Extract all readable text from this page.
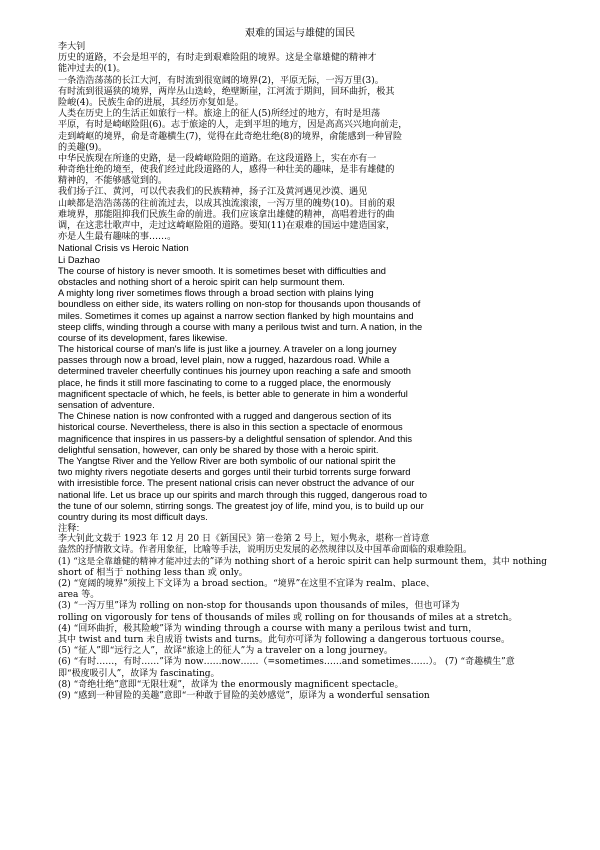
艰难的国运与雄健的国民
李大钊
历史的道路，不会是坦平的，有时走到艰难险阻的境界。这是全靠雄健的精神才
能冲过去的(1)。
一条浩浩荡荡的长江大河，有时流到很宽阔的境界(2)，平原无际，一泻万里(3)。
有时流到很逼狭的境界，两岸丛山迭岭，绝壁断崖，江河流于期间，回环曲折，极其
险峻(4)。民族生命的进展，其经历亦复如是。
人类在历史上的生活正如旅行一样。旅途上的征人(5)所经过的地方，有时是坦荡
平原，有时是崎岖险阻(6)。志于旅途的人，走到平坦的地方，因是高高兴兴地向前走，
走到崎岖的境界，俞是奇趣横生(7)，觉得在此奇绝壮绝(8)的境界，俞能感到一种冒险
的美趣(9)。
中华民族现在所逢的史路，是一段崎岖险阻的道路。在这段道路上，实在亦有一
种奇绝壮绝的境至，使我们经过此段道路的人，感得一种壮美的趣味，是非有雄健的
精神的，不能够感觉到的。
我们扬子江、黄河，可以代表我们的民族精神，扬子江及黄河遇见沙漠、遇见
山峡都是浩浩荡荡的往前流过去，以成其浊流滚滚，一泻万里的魄势(10)。目前的艰
难境界，那能阻抑我们民族生命的前进。我们应该拿出雄健的精神，高唱着进行的曲
调，在这悲壮歌声中，走过这崎岖险阻的道路。要知(11)在艰难的国运中建造国家，
亦是人生最有趣味的事……。
National Crisis vs Heroic Nation
Li Dazhao
The course of history is never smooth. It is sometimes beset with difficulties and
obstacles and nothing short of a heroic spirit can help surmount them.
A mighty long river sometimes flows through a broad section with plains lying
boundless on either side, its waters rolling on non-stop for thousands upon thousands of
miles. Sometimes it comes up against a narrow section flanked by high mountains and
steep cliffs, winding through a course with many a perilous twist and turn. A nation, in the
course of its development, fares likewise.
The historical course of man's life is just like a journey. A traveler on a long journey
passes through now a broad, level plain, now a rugged, hazardous road. While a
determined traveler cheerfully continues his journey upon reaching a safe and smooth
place, he finds it still more fascinating to come to a rugged place, the enormously
magnificent spectacle of which, he feels, is better able to generate in him a wonderful
sensation of adventure.
The Chinese nation is now confronted with a rugged and dangerous section of its
historical course. Nevertheless, there is also in this section a spectacle of enormous
magnificence that inspires in us passers-by a delightful sensation of splendor. And this
delightful sensation, however, can only be shared by those with a heroic spirit.
The Yangtse River and the Yellow River are both symbolic of our national spirit the
two mighty rivers negotiate deserts and gorges until their turbid torrents surge forward
with irresistible force. The present national crisis can never obstruct the advance of our
national life. Let us brace up our spirits and march through this rugged, dangerous road to
the tune of our solemn, stirring songs. The greatest joy of life, mind you, is to build up our
country during its most difficult days.
注释:
李大钊此文载于 1923 年 12 月 20 日《新国民》第一卷第 2 号上，短小隽永，堪称一首诗意
盎然的抒情散文诗。作者用象征，比喻等手法，说明历史发展的必然规律以及中国革命面临的艰难险阻。
(1) “这是全靠雄健的精神才能冲过去的”译为 nothing short of a heroic spirit can help surmount them，其中 nothing
short of 相当于 nothing less than 或 only。
(2) “宽阔的境界”须按上下文译为 a broad section。“境界”在这里不宜译为 realm、place、
area 等。
(3) “一泻万里”译为 rolling on non-stop for thousands upon thousands of miles，但也可译为
rolling on vigorously for tens of thousands of miles 或 rolling on for thousands of miles at a stretch。
(4) “回环曲折，极其险峻”译为 winding through a course with many a perilous twist and turn，
其中 twist and turn 未自成语 twists and turns。此句亦可译为 following a dangerous tortuous course。
(5) “征人”即“远行之人”，故译“旅途上的征人”为 a traveler on a long journey。
(6) “有时……，有时……”译为 now……now……（=sometimes……and sometimes……）。 (7) “奇趣横生”意
即“极度吸引人”，故译为 fascinating。
(8) “奇绝壮绝”意即“无限壮观”，故译为 the enormously magnificent spectacle。
(9) “感到一种冒险的美趣”意即“一种敢于冒险的美妙感觉”，原译为 a wonderful sensation
